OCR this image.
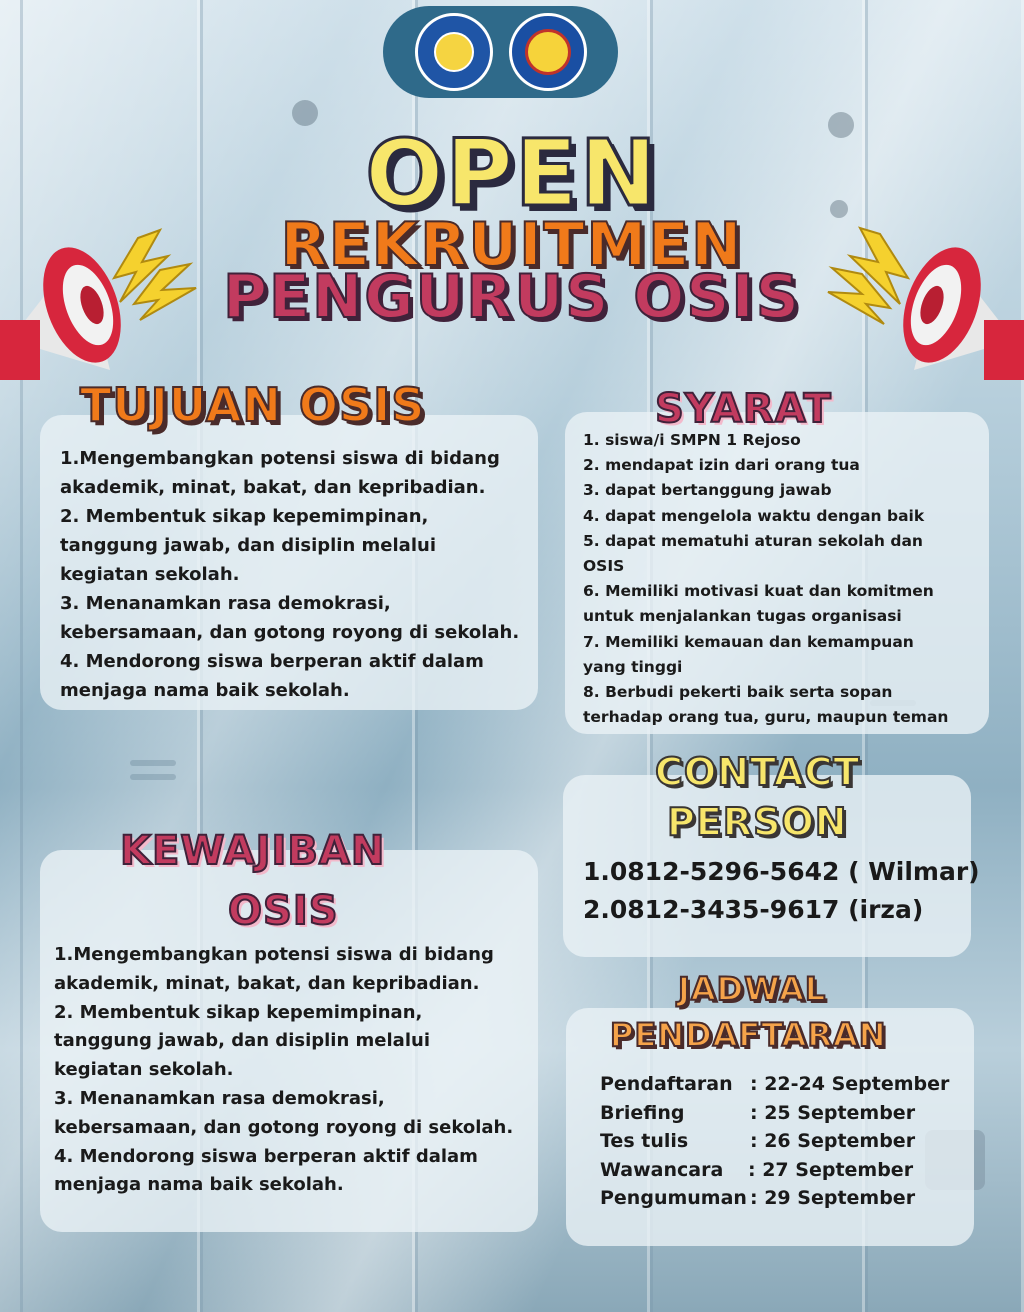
OPEN
REKRUITMEN
PENGURUS OSIS
TUJUAN OSIS
1.Mengembangkan potensi siswa di bidang
akademik, minat, bakat, dan kepribadian.
2. Membentuk sikap kepemimpinan,
tanggung jawab, dan disiplin melalui
kegiatan sekolah.
3. Menanamkan rasa demokrasi,
kebersamaan, dan gotong royong di sekolah.
4. Mendorong siswa berperan aktif dalam
menjaga nama baik sekolah.
SYARAT
1. siswa/i SMPN 1 Rejoso
2. mendapat izin dari orang tua
3. dapat bertanggung jawab
4. dapat mengelola waktu dengan baik
5. dapat mematuhi aturan sekolah dan
OSIS
6. Memiliki motivasi kuat dan komitmen
untuk menjalankan tugas organisasi
7. Memiliki kemauan dan kemampuan
yang tinggi
8. Berbudi pekerti baik serta sopan
terhadap orang tua, guru, maupun teman
CONTACT
PERSON
1.0812-5296-5642 ( Wilmar)
2.0812-3435-9617 (irza)
KEWAJIBAN
OSIS
1.Mengembangkan potensi siswa di bidang
akademik, minat, bakat, dan kepribadian.
2. Membentuk sikap kepemimpinan,
tanggung jawab, dan disiplin melalui
kegiatan sekolah.
3. Menanamkan rasa demokrasi,
kebersamaan, dan gotong royong di sekolah.
4. Mendorong siswa berperan aktif dalam
menjaga nama baik sekolah.
JADWAL
PENDAFTARAN
Pendaftaran : 22-24 September
Briefing	: 25 September
Tes tulis	: 26 September
Wawancara	: 27 September
Pengumuman : 29 September
